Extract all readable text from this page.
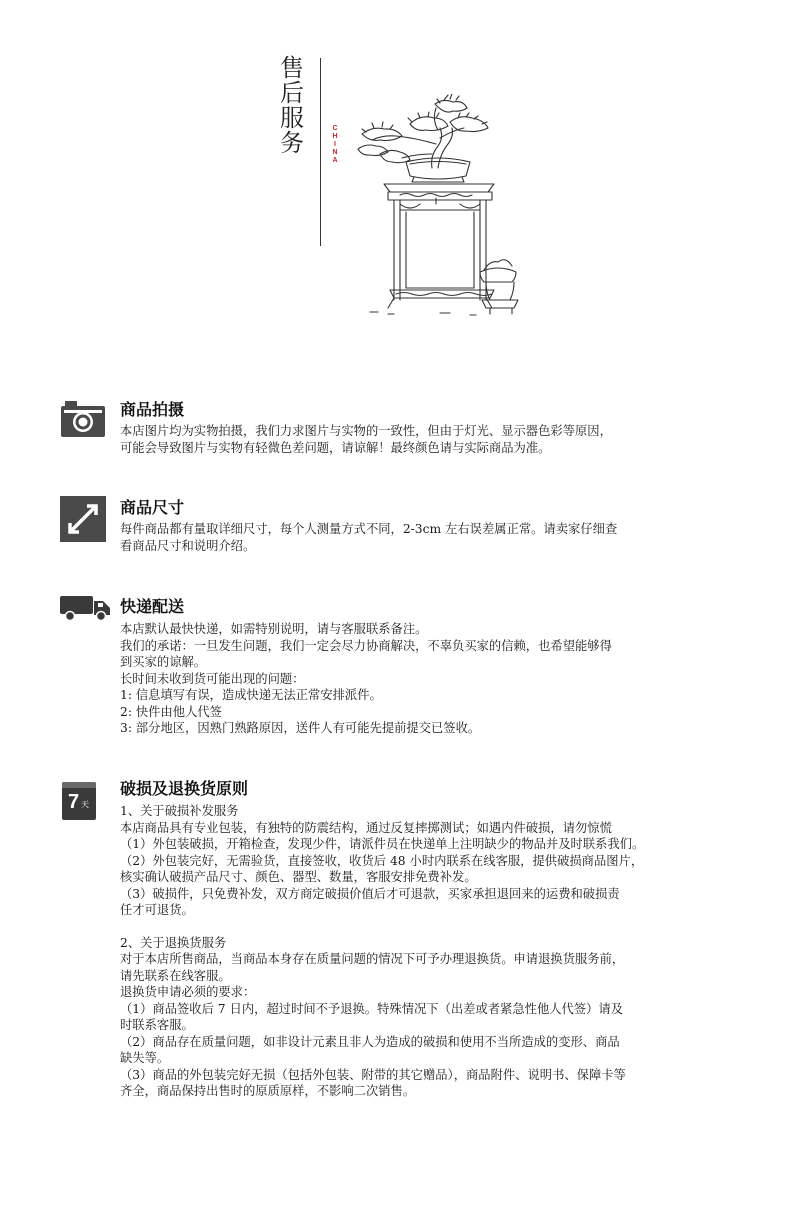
售
后
服
务
C
H
I
N
A
商品拍摄
本店图片均为实物拍摄，我们力求图片与实物的一致性，但由于灯光、显示器色彩等原因，
可能会导致图片与实物有轻微色差问题，请谅解！最终颜色请与实际商品为准。
商品尺寸
每件商品都有量取详细尺寸，每个人测量方式不同，2-3cm 左右误差属正常。请卖家仔细查
看商品尺寸和说明介绍。
快递配送
本店默认最快快递，如需特别说明，请与客服联系备注。
我们的承诺：一旦发生问题，我们一定会尽力协商解决，不辜负买家的信赖，也希望能够得
到买家的谅解。
长时间未收到货可能出现的问题：
1: 信息填写有误，造成快递无法正常安排派件。
2: 快件由他人代签
3: 部分地区，因熟门熟路原因，送件人有可能先提前提交已签收。
7 天
破损及退换货原则
1、关于破损补发服务
本店商品具有专业包装，有独特的防震结构，通过反复摔掷测试；如遇内件破损，请勿惊慌
（1）外包装破损，开箱检查，发现少件，请派件员在快递单上注明缺少的物品并及时联系我们。
（2）外包装完好，无需验货，直接签收，收货后 48 小时内联系在线客服，提供破损商品图片，
核实确认破损产品尺寸、颜色、器型、数量，客服安排免费补发。
（3）破损件，只免费补发，双方商定破损价值后才可退款，买家承担退回来的运费和破损责
任才可退货。
2、关于退换货服务
对于本店所售商品，当商品本身存在质量问题的情况下可予办理退换货。申请退换货服务前，
请先联系在线客服。
退换货申请必须的要求：
（1）商品签收后 7 日内，超过时间不予退换。特殊情况下（出差或者紧急性他人代签）请及
时联系客服。
（2）商品存在质量问题，如非设计元素且非人为造成的破损和使用不当所造成的变形、商品
缺失等。
（3）商品的外包装完好无损（包括外包装、附带的其它赠品），商品附件、说明书、保障卡等
齐全，商品保持出售时的原质原样，不影响二次销售。
